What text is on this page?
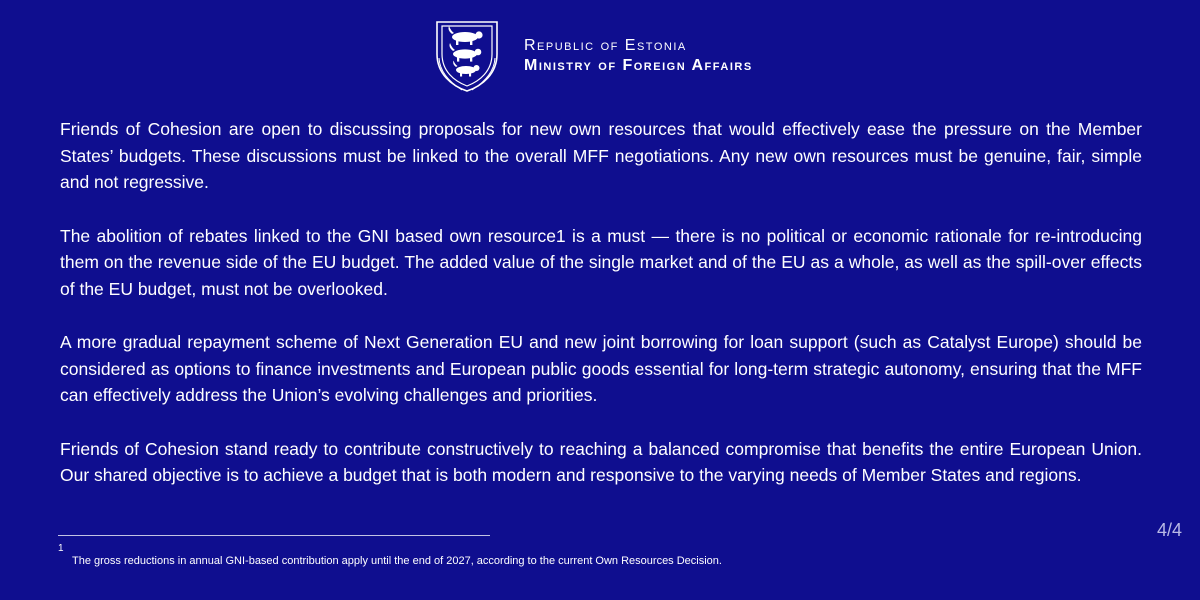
Republic of Estonia
Ministry of Foreign Affairs

Friends of Cohesion are open to discussing proposals for new own resources that would effectively ease the pressure on the Member States’ budgets. These discussions must be linked to the overall MFF negotiations. Any new own resources must be genuine, fair, simple and not regressive.

The abolition of rebates linked to the GNI based own resource1 is a must — there is no political or economic rationale for re-introducing them on the revenue side of the EU budget. The added value of the single market and of the EU as a whole, as well as the spill-over effects of the EU budget, must not be overlooked.

A more gradual repayment scheme of Next Generation EU and new joint borrowing for loan support (such as Catalyst Europe) should be considered as options to finance investments and European public goods essential for long-term strategic autonomy, ensuring that the MFF can effectively address the Union’s evolving challenges and priorities.

Friends of Cohesion stand ready to contribute constructively to reaching a balanced compromise that benefits the entire European Union. Our shared objective is to achieve a budget that is both modern and responsive to the varying needs of Member States and regions.

4/4
1
The gross reductions in annual GNI-based contribution apply until the end of 2027, according to the current Own Resources Decision.
